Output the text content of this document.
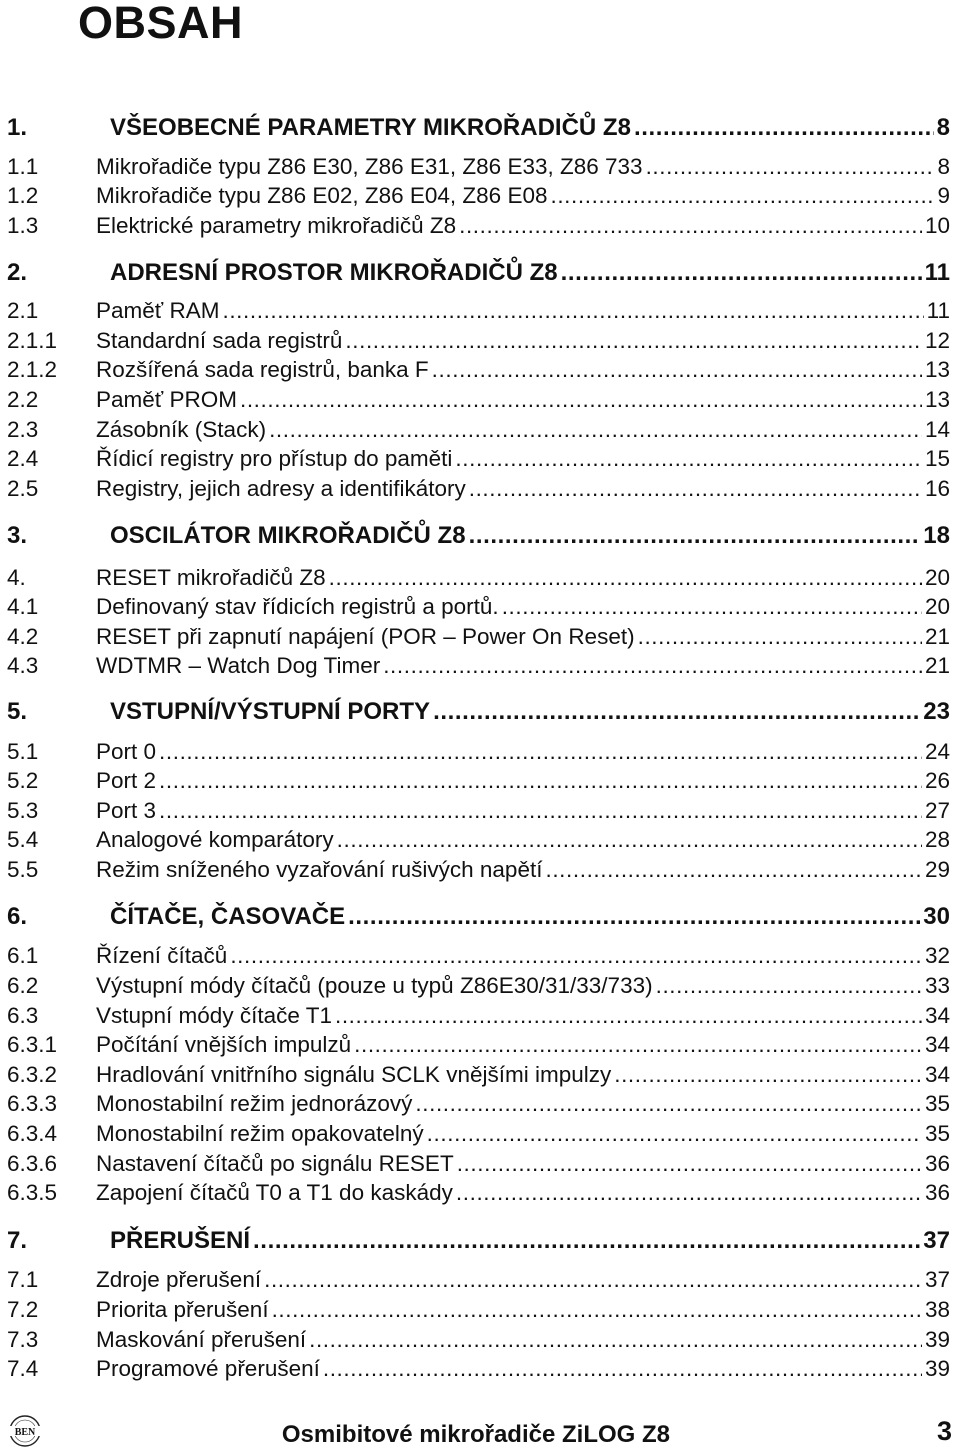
OBSAH
1.	VŠEOBECNÉ PARAMETRY MIKROŘADIČŮ Z8 .....	8
1.1	Mikrořadiče typu Z86 E30, Z86 E31, Z86 E33, Z86 733 .....	8
1.2	Mikrořadiče typu Z86 E02, Z86 E04, Z86 E08 .....	9
1.3	Elektrické parametry mikrořadičů Z8 .....	10
2.	ADRESNÍ PROSTOR MIKROŘADIČŮ Z8 .....	11
2.1	Paměť RAM .....	11
2.1.1	Standardní sada registrů .....	12
2.1.2	Rozšířená sada registrů, banka F .....	13
2.2	Paměť PROM .....	13
2.3	Zásobník (Stack) .....	14
2.4	Řídicí registry pro přístup do paměti .....	15
2.5	Registry, jejich adresy a identifikátory .....	16
3.	OSCILÁTOR MIKROŘADIČŮ Z8 .....	18
4.	RESET mikrořadičů Z8 .....	20
4.1	Definovaný stav řídicích registrů a portů. .....	20
4.2	RESET při zapnutí napájení (POR – Power On Reset) .....	21
4.3	WDTMR – Watch Dog Timer .....	21
5.	VSTUPNÍ/VÝSTUPNÍ PORTY .....	23
5.1	Port 0 .....	24
5.2	Port 2 .....	26
5.3	Port 3 .....	27
5.4	Analogové komparátory .....	28
5.5	Režim sníženého vyzařování rušivých napětí .....	29
6.	ČÍTAČE, ČASOVAČE .....	30
6.1	Řízení čítačů .....	32
6.2	Výstupní módy čítačů (pouze u typů Z86E30/31/33/733) .....	33
6.3	Vstupní módy čítače T1 .....	34
6.3.1	Počítání vnějších impulzů .....	34
6.3.2	Hradlování vnitřního signálu SCLK vnějšími impulzy .....	34
6.3.3	Monostabilní režim jednorázový .....	35
6.3.4	Monostabilní režim opakovatelný .....	35
6.3.6	Nastavení čítačů po signálu RESET .....	36
6.3.5	Zapojení čítačů T0 a T1 do kaskády .....	36
7.	PŘERUŠENÍ .....	37
7.1	Zdroje přerušení .....	37
7.2	Priorita přerušení .....	38
7.3	Maskování přerušení .....	39
7.4	Programové přerušení .....	39
BEN	Osmibitové mikrořadiče ZiLOG Z8	3
